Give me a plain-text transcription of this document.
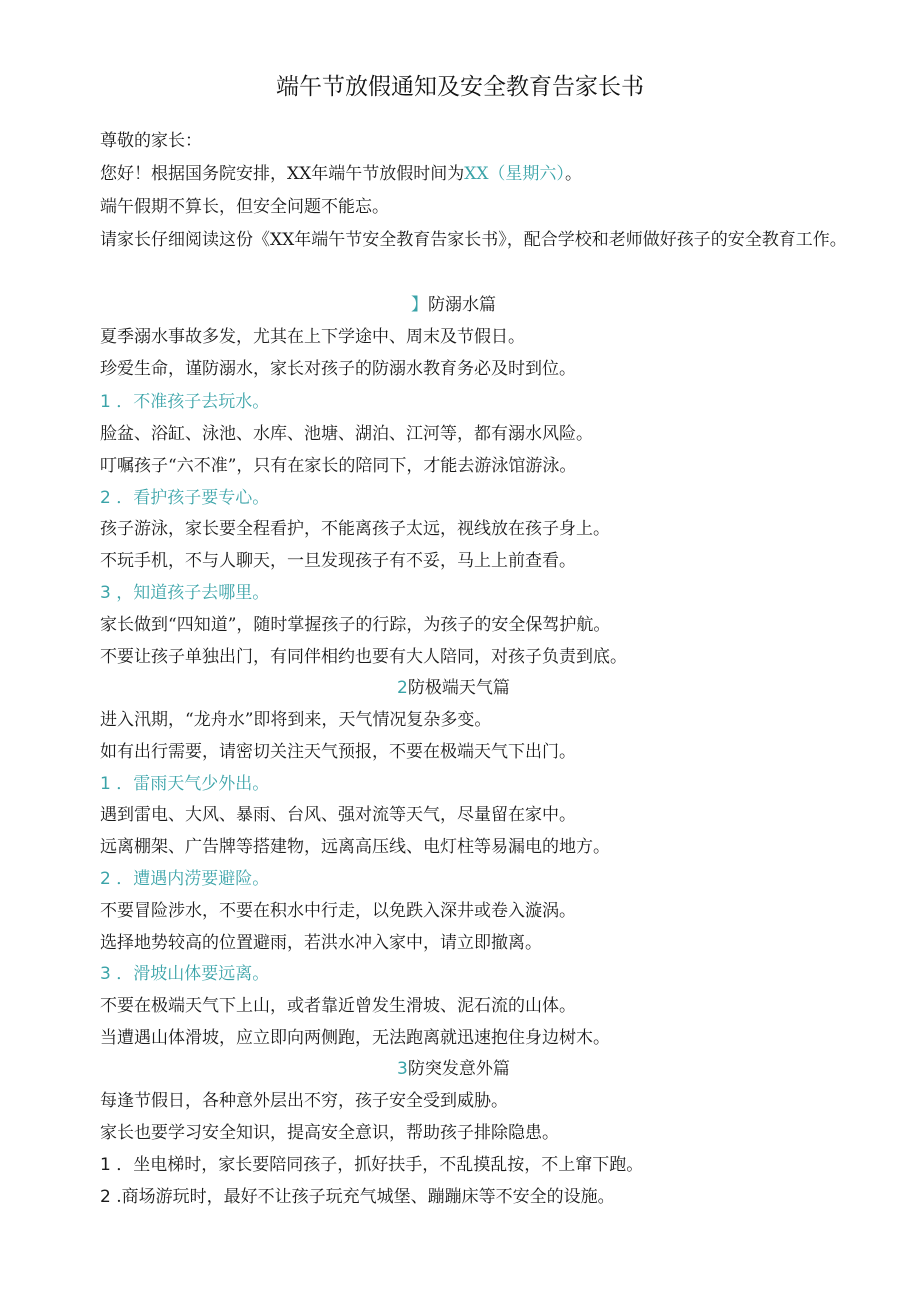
端午节放假通知及安全教育告家长书
尊敬的家长：
您好！根据国务院安排，XX年端午节放假时间为XX（星期六）。
端午假期不算长，但安全问题不能忘。
请家长仔细阅读这份《XX年端午节安全教育告家长书》，配合学校和老师做好孩子的安全教育工作。
】防溺水篇
夏季溺水事故多发，尤其在上下学途中、周末及节假日。
珍爱生命，谨防溺水，家长对孩子的防溺水教育务必及时到位。
1 ．不准孩子去玩水。
脸盆、浴缸、泳池、水库、池塘、湖泊、江河等，都有溺水风险。
叮嘱孩子“六不准”，只有在家长的陪同下，才能去游泳馆游泳。
2 ．看护孩子要专心。
孩子游泳，家长要全程看护，不能离孩子太远，视线放在孩子身上。
不玩手机，不与人聊天，一旦发现孩子有不妥，马上上前查看。
3 ，知道孩子去哪里。
家长做到“四知道”，随时掌握孩子的行踪，为孩子的安全保驾护航。
不要让孩子单独出门，有同伴相约也要有大人陪同，对孩子负责到底。
2防极端天气篇
进入汛期，“龙舟水”即将到来，天气情况复杂多变。
如有出行需要，请密切关注天气预报，不要在极端天气下出门。
1 ．雷雨天气少外出。
遇到雷电、大风、暴雨、台风、强对流等天气，尽量留在家中。
远离棚架、广告牌等搭建物，远离高压线、电灯柱等易漏电的地方。
2 ．遭遇内涝要避险。
不要冒险涉水，不要在积水中行走，以免跌入深井或卷入漩涡。
选择地势较高的位置避雨，若洪水冲入家中，请立即撤离。
3 ．滑坡山体要远离。
不要在极端天气下上山，或者靠近曾发生滑坡、泥石流的山体。
当遭遇山体滑坡，应立即向两侧跑，无法跑离就迅速抱住身边树木。
3防突发意外篇
每逢节假日，各种意外层出不穷，孩子安全受到威胁。
家长也要学习安全知识，提高安全意识，帮助孩子排除隐患。
1 ．坐电梯时，家长要陪同孩子，抓好扶手，不乱摸乱按，不上窜下跑。
2 .商场游玩时，最好不让孩子玩充气城堡、蹦蹦床等不安全的设施。
